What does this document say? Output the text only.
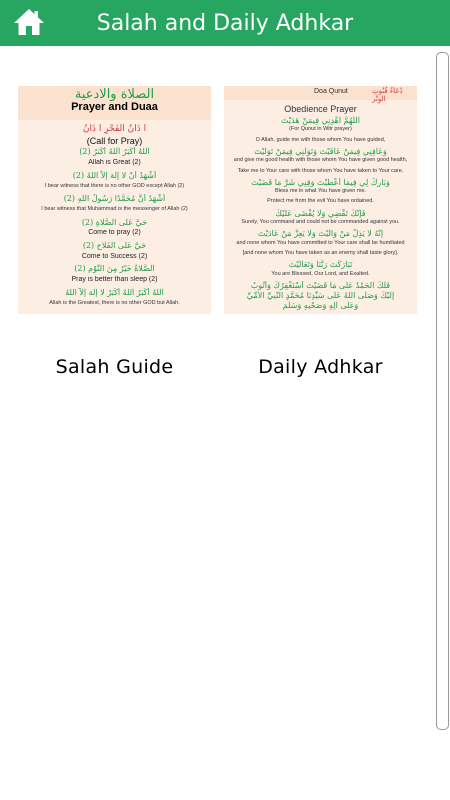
Salah and Daily Adhkar
الصلاة والادعية
Prayer and Duaa
أَ ذَانُ الفَجْرِ أَ ذَانُ
(Call for Pray)
اَللهُ أَكْبَرُ اَللهُ أَكْبَرُ (2)
Allah is Great (2)
أَشْهَدُ أَنْ لا إِلهَ إِلاَّ اللهُ (2)
I bear witness that there is no other GOD except Allah (2)
أَشْهَدُ أَنَّ مُحَمَّدًا رَسُولُ اللهِ (2)
I bear witness that Muhammad is the messenger of Allah (2)
حَيَّ عَلَى الصَّلاةِ (2)
Come to pray (2)
حَيَّ عَلَى الفَلاحِ (2)
Come to Success (2)
اَلصَّلاةُ خَيْرٌ مِنَ النَّوْمِ (2)
Pray is better than sleep (2)
اَللهُ أَكْبَرُ اَللهُ أَكْبَرُ لا إِلهَ إِلاَّ اللهُ
Allah is the Greatest, there is no other GOD but Allah.
Salah Guide
Doa Qunut	دُعَاءُ قُنُوتِ الوِتْر
Obedience Prayer
اَللَّهُمَّ اهْدِنِي فِيمَنْ هَدَيْتَ
(For Qunut in Witr prayer)
O Allah, guide me with those whom You have guided,
وَعَافِنِي فِيمَنْ عَافَيْتَ وَتَوَلَّنِي فِيمَنْ تَوَلَّيْتَ
and give me good health with those whom You have given good health,
Take me to Your care with those whom You have taken to Your care,
وَبَارِكْ لِي فِيمَا أَعْطَيْتَ وَقِنِي شَرَّ مَا قَضَيْتَ
Bless me in what You have given me.
Protect me from the evil You have ordained.
فَإِنَّكَ تَقْضِي وَلَا يُقْضَى عَلَيْكَ
Surely, You command and could not be commanded against you.
إِنَّهُ لَا يَذِلُّ مَنْ وَالَيْتَ وَلَا يَعِزُّ مَنْ عَادَيْتَ
and none whom You have committed to Your care shall be humiliated
[and none whom You have taken as an enemy shall taste glory].
تَبَارَكْتَ رَبَّنَا وَتَعَالَيْتَ
You are Blessed, Our Lord, and Exalted.
فَلَكَ الحَمْدُ عَلَى مَا قَضَيْتَ أَسْتَغْفِرُكَ وَأَتُوبُ
إِلَيْكَ وَصَلَّى اللهُ عَلَى سَيِّدِنَا مُحَمَّدٍ النَّبِيِّ الأُمِّيِّ
وَعَلَى آلِهِ وَصَحْبِهِ وَسَلَّمَ
Daily Adhkar
